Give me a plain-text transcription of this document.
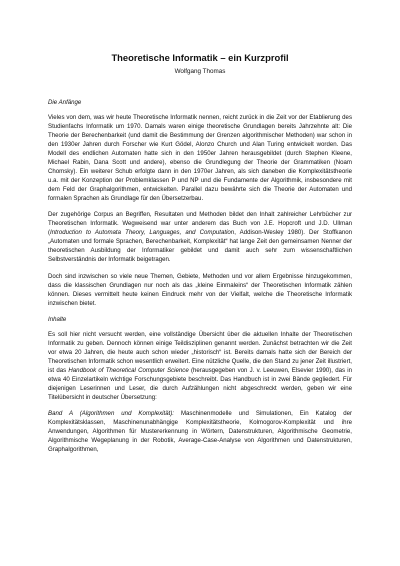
Theoretische Informatik – ein Kurzprofil

Wolfgang Thomas

Die Anfänge

Vieles von dem, was wir heute Theoretische Informatik nennen, reicht zurück in die Zeit vor der Etablierung des Studienfachs Informatik um 1970. Damals waren einige theoretische Grundlagen bereits Jahrzehnte alt: Die Theorie der Berechenbarkeit (und damit die Bestimmung der Grenzen algorithmischer Methoden) war schon in den 1930er Jahren durch Forscher wie Kurt Gödel, Alonzo Church und Alan Turing entwickelt worden. Das Modell des endlichen Automaten hatte sich in den 1950er Jahren herausgebildet (durch Stephen Kleene, Michael Rabin, Dana Scott und andere), ebenso die Grundlegung der Theorie der Grammatiken (Noam Chomsky). Ein weiterer Schub erfolgte dann in den 1970er Jahren, als sich daneben die Komplexitätstheorie u.a. mit der Konzeption der Problemklassen P und NP und die Fundamente der Algorithmik, insbesondere mit dem Feld der Graphalgorithmen, entwickelten. Parallel dazu bewährte sich die Theorie der Automaten und formalen Sprachen als Grundlage für den Übersetzerbau.

Der zugehörige Corpus an Begriffen, Resultaten und Methoden bildet den Inhalt zahlreicher Lehrbücher zur Theoretischen Informatik. Wegweisend war unter anderem das Buch von J.E. Hopcroft und J.D. Ullman (Introduction to Automata Theory, Languages, and Computation, Addison-Wesley 1980). Der Stoffkanon „Automaten und formale Sprachen, Berechenbarkeit, Komplexität“ hat lange Zeit den gemeinsamen Nenner der theoretischen Ausbildung der Informatiker gebildet und damit auch sehr zum wissenschaftlichen Selbstverständnis der Informatik beigetragen.

Doch sind inzwischen so viele neue Themen, Gebiete, Methoden und vor allem Ergebnisse hinzugekommen, dass die klassischen Grundlagen nur noch als das „kleine Einmaleins“ der Theoretischen Informatik zählen können. Dieses vermittelt heute keinen Eindruck mehr von der Vielfalt, welche die Theoretische Informatik inzwischen bietet.

Inhalte

Es soll hier nicht versucht werden, eine vollständige Übersicht über die aktuellen Inhalte der Theoretischen Informatik zu geben. Dennoch können einige Teildisziplinen genannt werden. Zunächst betrachten wir die Zeit vor etwa 20 Jahren, die heute auch schon wieder „historisch“ ist. Bereits damals hatte sich der Bereich der Theoretischen Informatik schon wesentlich erweitert. Eine nützliche Quelle, die den Stand zu jener Zeit illustriert, ist das Handbook of Theoretical Computer Science (herausgegeben von J. v. Leeuwen, Elsevier 1990), das in etwa 40 Einzelartikeln wichtige Forschungsgebiete beschreibt. Das Handbuch ist in zwei Bände gegliedert. Für diejenigen Leserinnen und Leser, die durch Aufzählungen nicht abgeschreckt werden, geben wir eine Titelübersicht in deutscher Übersetzung:

Band A (Algorithmen und Komplexität): Maschinenmodelle und Simulationen, Ein Katalog der Komplexitätsklassen, Maschinenunabhängige Komplexitätstheorie, Kolmogorov-Komplexität und ihre Anwendungen, Algorithmen für Mustererkennung in Wörtern, Datenstrukturen, Algorithmische Geometrie, Algorithmische Wegeplanung in der Robotik, Average-Case-Analyse von Algorithmen und Datenstrukturen, Graphalgorithmen,
